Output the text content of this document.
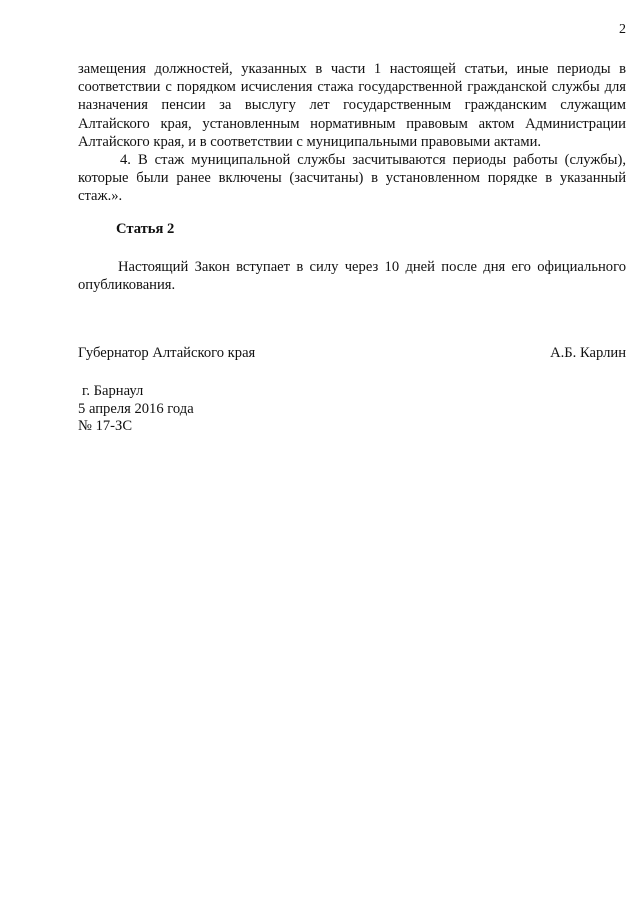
2

замещения должностей, указанных в части 1 настоящей статьи, иные периоды в соответствии с порядком исчисления стажа государственной гражданской службы для назначения пенсии за выслугу лет государственным гражданским служащим Алтайского края, установленным нормативным правовым актом Администрации Алтайского края, и в соответствии с муниципальными правовыми актами.

4. В стаж муниципальной службы засчитываются периоды работы (службы), которые были ранее включены (засчитаны) в установленном порядке в указанный стаж.».

Статья 2

Настоящий Закон вступает в силу через 10 дней после дня его официального опубликования.

Губернатор Алтайского края	А.Б. Карлин
г. Барнаул
5 апреля 2016 года
№ 17-ЗС
